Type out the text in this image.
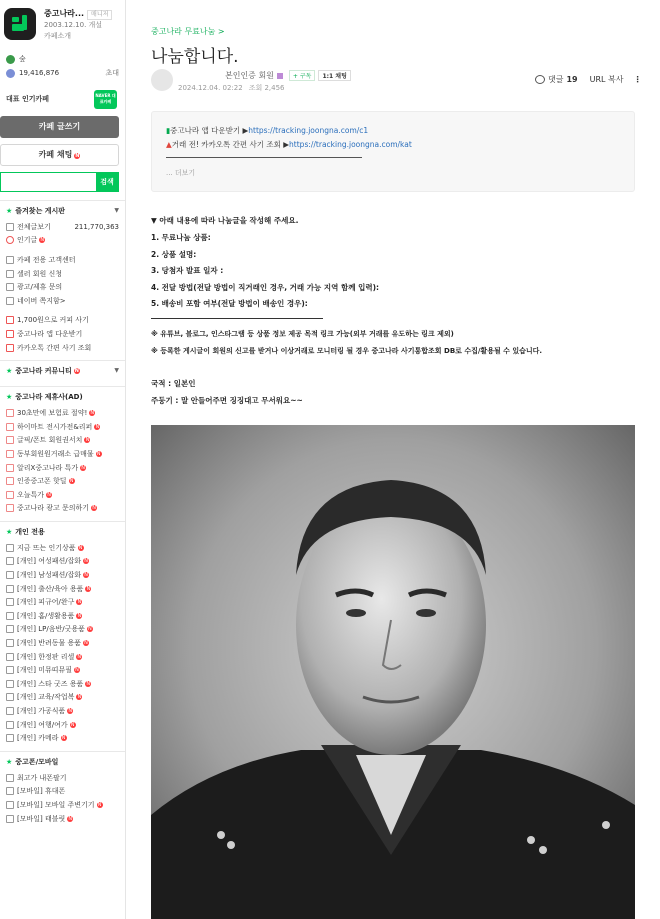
중고나라... 매니저
2003.12.10. 개설
카페소개
숲
19,416,876	초대
대표 인기카페	NAVER 대표카페
카페 글쓰기
카페 채팅 N
검색
★ 즐겨찾는 게시판	▼
전체글보기	211,770,363
인기글 N
카페 전용 고객센터
셀러 회원 신청
광고/제휴 문의
네이버 쪽지함>
1,700원으로 커피 사기
중고나라 앱 다운받기
카카오톡 간편 사기 조회
★ 중고나라 커뮤니티 N	▼
★ 중고나라 제휴사(AD)
30초만에 보험료 절약! N
하이마트 전시가전&리퍼 N
글픽/폰트 회원권서치 N
동부회원원거래소 급매물 N
알리X중고나라 특가 N
인증중고폰 핫딜 N
오늘특가 N
중고나라 광고 문의하기 N
★ 개인 전용
지금 뜨는 인기상품 N
[개인] 여성패션/잡화 N
[개인] 남성패션/잡화 N
[개인] 출산/육아 용품 N
[개인] 피규어/완구 N
[개인] 홈/생활용품 N
[개인] LP/음반/굿용품 N
[개인] 반려동물 용품 N
[개인] 한정판 리셀 N
[개인] 미뮤띠뮤필 N
[개인] 스타 굿즈 용품 N
[개인] 교육/작업복 N
[개인] 가공식품 N
[개인] 여행/여가 N
[개인] 카메라 N
★ 중고폰/모바일
최고가 내폰팔기
[모바일] 휴대폰
[모바일] 모바일 주변기기 N
[모바일] 태블릿 N
중고나라 무료나눔 >
나눔합니다.
본인인증 회원	+ 구독	1:1 채팅
2024.12.04. 02:22 조회 2,456
댓글 19 URL 복사 ⋮
▮중고나라 앱 다운받기 ▶https://tracking.joongna.com/c1
▲거래 전! 카카오톡 간편 사기 조회 ▶https://tracking.joongna.com/kat
... 더보기
▼ 아래 내용에 따라 나눔글을 작성해 주세요.
1. 무료나눔 상품:
2. 상품 설명:
3. 당첨자 발표 일자 :
4. 전달 방법(전달 방법이 직거래인 경우, 거래 가능 지역 함께 입력):
5. 배송비 포함 여부(전달 방법이 배송인 경우):
※ 유튜브, 블로그, 인스타그램 등 상품 정보 제공 목적 링크 가능(외부 거래를 유도하는 링크 제외)
※ 등록한 게시글이 회원의 신고를 받거나 이상거래로 모니터링 될 경우 중고나라 사기통합조회 DB로 수집/활용될 수 있습니다.
국적 : 일본인
주둥기 : 말 안들어주면 징징대고 무서워요~~
